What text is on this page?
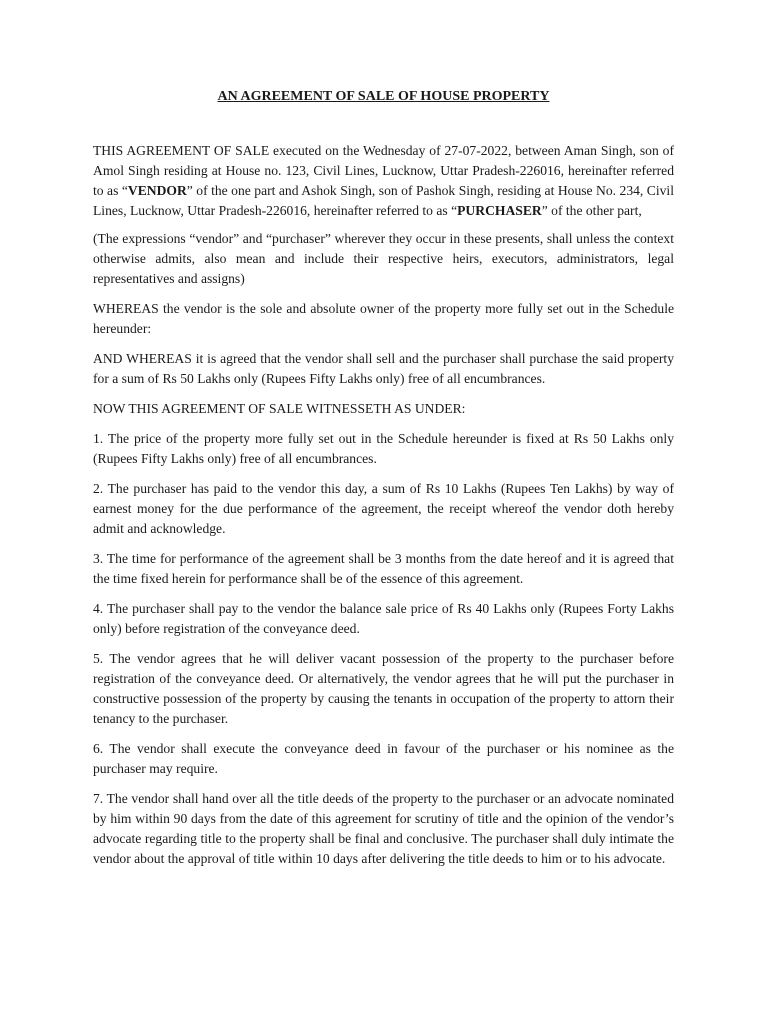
AN AGREEMENT OF SALE OF HOUSE PROPERTY

THIS AGREEMENT OF SALE executed on the Wednesday of 27-07-2022, between Aman Singh, son of Amol Singh residing at House no. 123, Civil Lines, Lucknow, Uttar Pradesh-226016, hereinafter referred to as “VENDOR” of the one part and Ashok Singh, son of Pashok Singh, residing at House No. 234, Civil Lines, Lucknow, Uttar Pradesh-226016, hereinafter referred to as “PURCHASER” of the other part,

(The expressions “vendor” and “purchaser” wherever they occur in these presents, shall unless the context otherwise admits, also mean and include their respective heirs, executors, administrators, legal representatives and assigns)

WHEREAS the vendor is the sole and absolute owner of the property more fully set out in the Schedule hereunder:

AND WHEREAS it is agreed that the vendor shall sell and the purchaser shall purchase the said property for a sum of Rs 50 Lakhs only (Rupees Fifty Lakhs only) free of all encumbrances.

NOW THIS AGREEMENT OF SALE WITNESSETH AS UNDER:

1. The price of the property more fully set out in the Schedule hereunder is fixed at Rs 50 Lakhs only (Rupees Fifty Lakhs only) free of all encumbrances.

2. The purchaser has paid to the vendor this day, a sum of Rs 10 Lakhs (Rupees Ten Lakhs) by way of earnest money for the due performance of the agreement, the receipt whereof the vendor doth hereby admit and acknowledge.

3. The time for performance of the agreement shall be 3 months from the date hereof and it is agreed that the time fixed herein for performance shall be of the essence of this agreement.

4. The purchaser shall pay to the vendor the balance sale price of Rs 40 Lakhs only (Rupees Forty Lakhs only) before registration of the conveyance deed.

5. The vendor agrees that he will deliver vacant possession of the property to the purchaser before registration of the conveyance deed. Or alternatively, the vendor agrees that he will put the purchaser in constructive possession of the property by causing the tenants in occupation of the property to attorn their tenancy to the purchaser.

6. The vendor shall execute the conveyance deed in favour of the purchaser or his nominee as the purchaser may require.

7. The vendor shall hand over all the title deeds of the property to the purchaser or an advocate nominated by him within 90 days from the date of this agreement for scrutiny of title and the opinion of the vendor’s advocate regarding title to the property shall be final and conclusive. The purchaser shall duly intimate the vendor about the approval of title within 10 days after delivering the title deeds to him or to his advocate.
